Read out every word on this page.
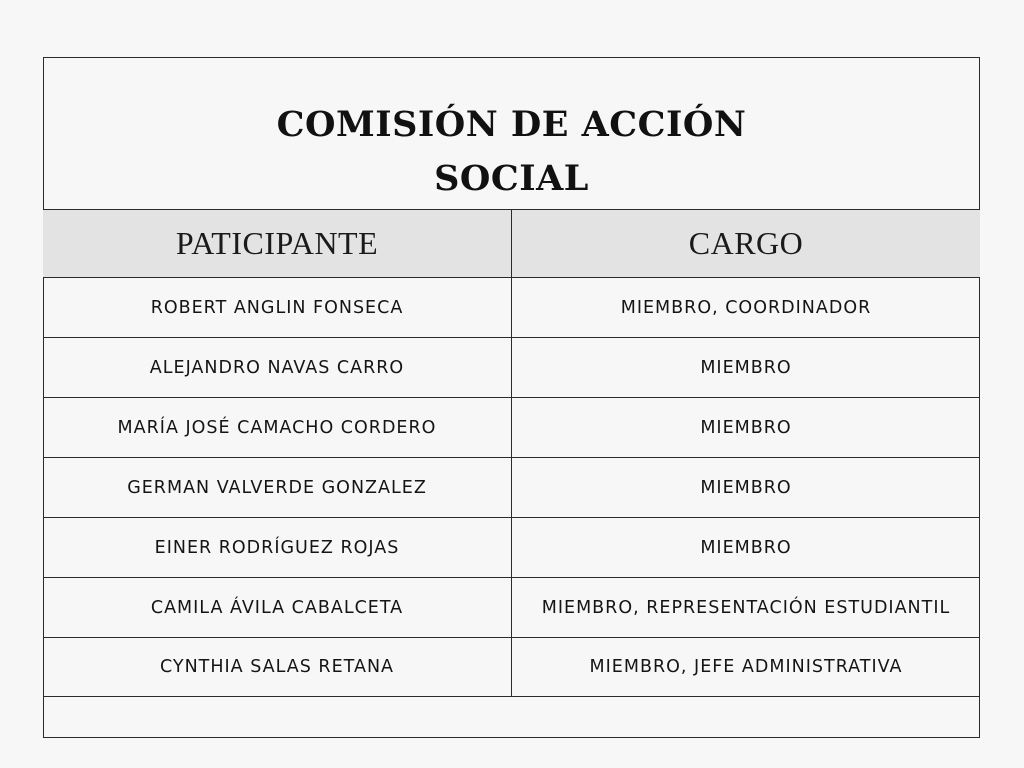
COMISIÓN DE ACCIÓN
SOCIAL
PATICIPANTE	CARGO
ROBERT ANGLIN FONSECA	MIEMBRO, COORDINADOR
ALEJANDRO NAVAS CARRO	MIEMBRO
MARÍA JOSÉ CAMACHO CORDERO	MIEMBRO
GERMAN VALVERDE GONZALEZ	MIEMBRO
EINER RODRÍGUEZ ROJAS	MIEMBRO
CAMILA ÁVILA CABALCETA	MIEMBRO, REPRESENTACIÓN ESTUDIANTIL
CYNTHIA SALAS RETANA	MIEMBRO, JEFE ADMINISTRATIVA
